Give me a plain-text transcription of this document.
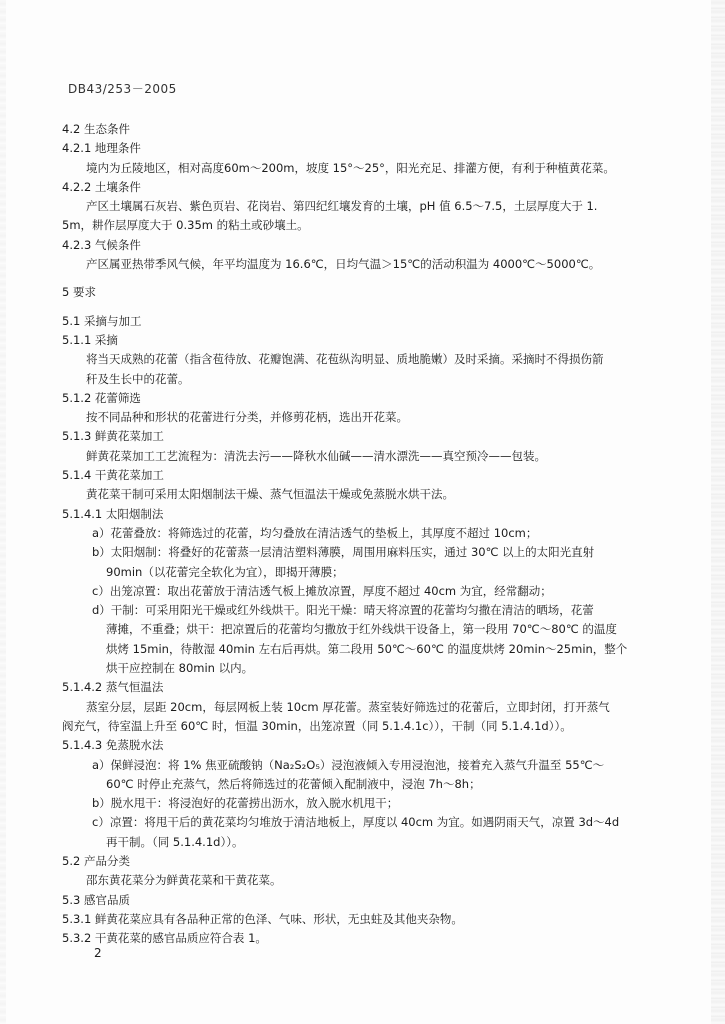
DB43/253－2005
4.2 生态条件
4.2.1 地理条件
境内为丘陵地区，相对高度60m～200m，坡度 15°～25°，阳光充足、排灌方便，有利于种植黄花菜。
4.2.2 土壤条件
产区土壤属石灰岩、紫色页岩、花岗岩、第四纪红壤发育的土壤，pH 值 6.5～7.5，土层厚度大于 1.
5m，耕作层厚度大于 0.35m 的粘土或砂壤土。
4.2.3 气候条件
产区属亚热带季风气候，年平均温度为 16.6℃，日均气温＞15℃的活动积温为 4000℃～5000℃。
5 要求
5.1 采摘与加工
5.1.1 采摘
将当天成熟的花蕾（指含苞待放、花瓣饱满、花苞纵沟明显、质地脆嫩）及时采摘。采摘时不得损伤箭
秆及生长中的花蕾。
5.1.2 花蕾筛选
按不同品种和形状的花蕾进行分类，并修剪花柄，选出开花菜。
5.1.3 鲜黄花菜加工
鲜黄花菜加工工艺流程为：清洗去污——降秋水仙碱——清水漂洗——真空预冷——包装。
5.1.4 干黄花菜加工
黄花菜干制可采用太阳烟制法干燥、蒸气恒温法干燥或免蒸脱水烘干法。
5.1.4.1 太阳烟制法
a）花蕾叠放：将筛选过的花蕾，均匀叠放在清洁透气的垫板上，其厚度不超过 10cm；
b）太阳烟制：将叠好的花蕾蒸一层清洁塑料薄膜，周围用麻料压实，通过 30℃ 以上的太阳光直射
90min（以花蕾完全软化为宜），即揭开薄膜；
c）出笼凉置：取出花蕾放于清洁透气板上摊放凉置，厚度不超过 40cm 为宜，经常翻动；
d）干制：可采用阳光干燥或红外线烘干。阳光干燥：晴天将凉置的花蕾均匀撒在清洁的晒场，花蕾
薄摊，不重叠；烘干：把凉置后的花蕾均匀撒放于红外线烘干设备上，第一段用 70℃～80℃ 的温度
烘烤 15min，待散湿 40min 左右后再烘。第二段用 50℃～60℃ 的温度烘烤 20min～25min，整个
烘干应控制在 80min 以内。
5.1.4.2 蒸气恒温法
蒸室分层，层距 20cm，每层网板上装 10cm 厚花蕾。蒸室装好筛选过的花蕾后，立即封闭，打开蒸气
阀充气，待室温上升至 60℃ 时，恒温 30min，出笼凉置（同 5.1.4.1c）），干制（同 5.1.4.1d））。
5.1.4.3 免蒸脱水法
a）保鲜浸泡：将 1% 焦亚硫酸钠（Na₂S₂O₅）浸泡液倾入专用浸泡池，接着充入蒸气升温至 55℃～
60℃ 时停止充蒸气，然后将筛选过的花蕾倾入配制液中，浸泡 7h～8h；
b）脱水甩干：将浸泡好的花蕾捞出沥水，放入脱水机甩干；
c）凉置：将甩干后的黄花菜均匀堆放于清洁地板上，厚度以 40cm 为宜。如遇阴雨天气，凉置 3d～4d
再干制。（同 5.1.4.1d））。
5.2 产品分类
邵东黄花菜分为鲜黄花菜和干黄花菜。
5.3 感官品质
5.3.1 鲜黄花菜应具有各品种正常的色泽、气味、形状，无虫蛀及其他夹杂物。
5.3.2 干黄花菜的感官品质应符合表 1。
2
